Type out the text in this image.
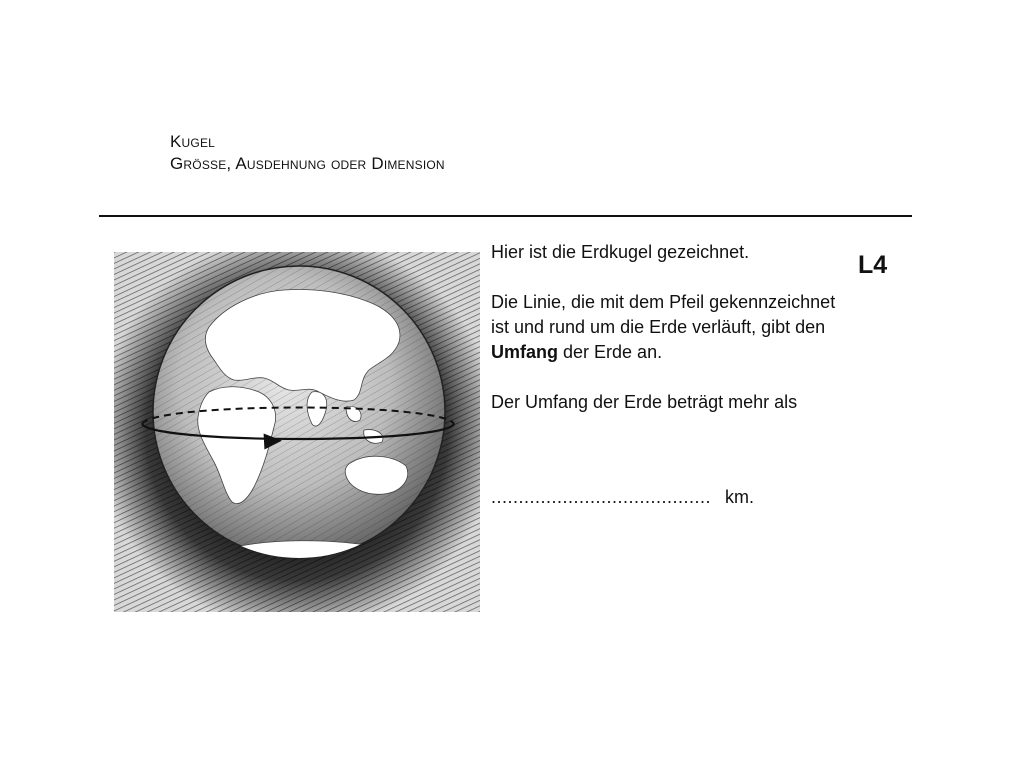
Kugel
Grösse, Ausdehnung oder Dimension

Hier ist die Erdkugel gezeichnet.

Die Linie, die mit dem Pfeil gekennzeichnet ist und rund um die Erde verläuft, gibt den Umfang der Erde an.

Der Umfang der Erde beträgt mehr als

........................................ km.
L4
